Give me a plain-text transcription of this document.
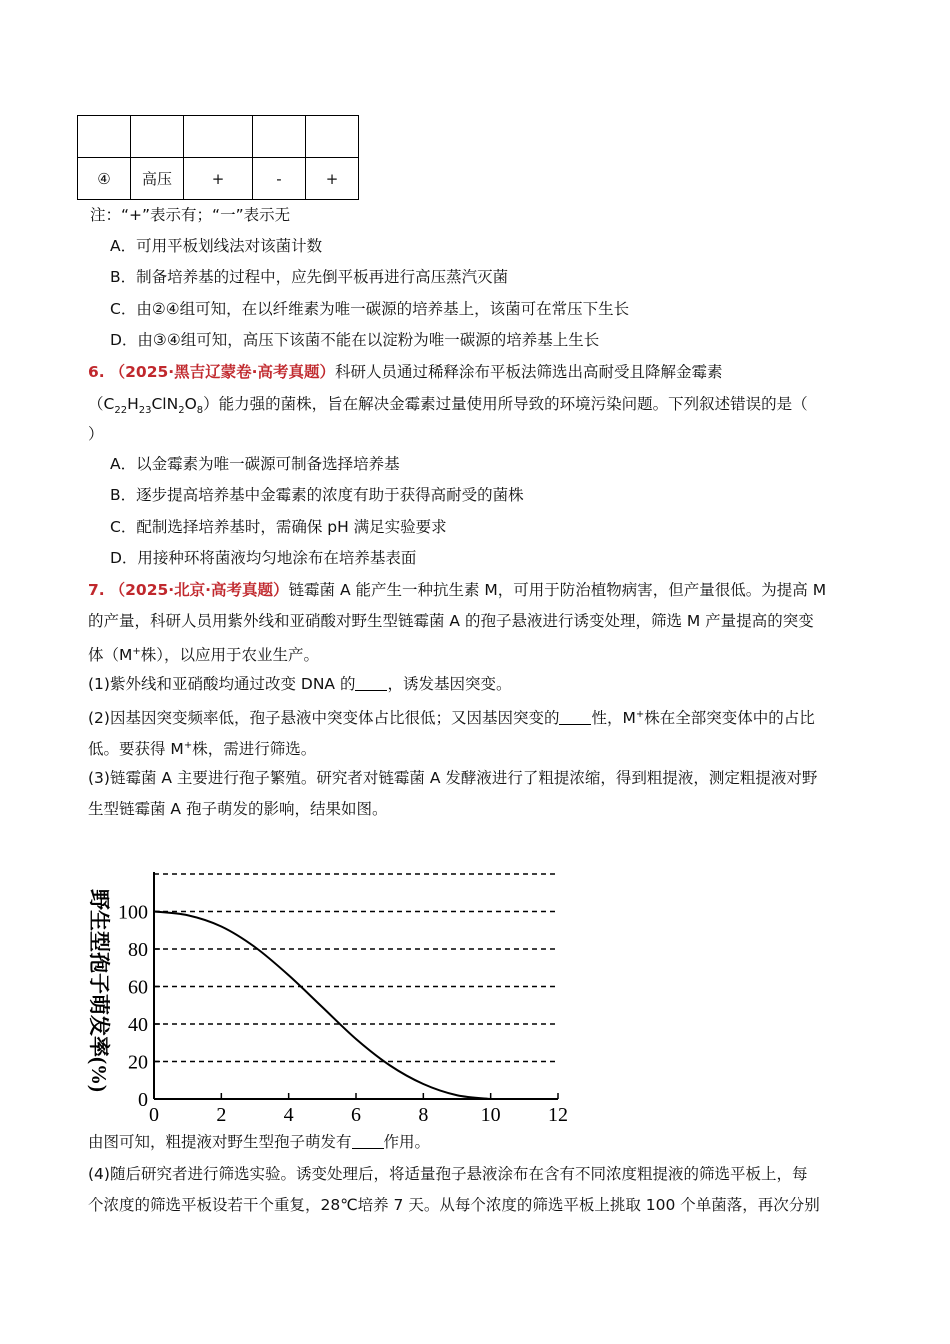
④	高压	+	-	+
注：“+”表示有；“一”表示无
A．可用平板划线法对该菌计数
B．制备培养基的过程中，应先倒平板再进行高压蒸汽灭菌
C．由②④组可知，在以纤维素为唯一碳源的培养基上，该菌可在常压下生长
D．由③④组可知，高压下该菌不能在以淀粉为唯一碳源的培养基上生长
6. （2025·黑吉辽蒙卷·高考真题）科研人员通过稀释涂布平板法筛选出高耐受且降解金霉素
$(C_{22}H_{23}ClN_2O_8)$能力强的菌株，旨在解决金霉素过量使用所导致的环境污染问题。下列叙述错误的是（
）
A．以金霉素为唯一碳源可制备选择培养基
B．逐步提高培养基中金霉素的浓度有助于获得高耐受的菌株
C．配制选择培养基时，需确保 pH 满足实验要求
D．用接种环将菌液均匀地涂布在培养基表面
7. （2025·北京·高考真题）链霉菌 A 能产生一种抗生素 M，可用于防治植物病害，但产量很低。为提高 M
的产量，科研人员用紫外线和亚硝酸对野生型链霉菌 A 的孢子悬液进行诱变处理，筛选 M 产量提高的突变
体（M+株），以应用于农业生产。
(1)紫外线和亚硝酸均通过改变 DNA 的 ，诱发基因突变。
(2)因基因突变频率低，孢子悬液中突变体占比很低；又因基因突变的 性，M+株在全部突变体中的占比
低。要获得 M+株，需进行筛选。
(3)链霉菌 A 主要进行孢子繁殖。研究者对链霉菌 A 发酵液进行了粗提浓缩，得到粗提液，测定粗提液对野
生型链霉菌 A 孢子萌发的影响，结果如图。
0	2	4	6	8	10 12
0
20
40
60
80
100
野生型孢子萌发率(%)
由图可知，粗提液对野生型孢子萌发有 作用。
(4)随后研究者进行筛选实验。诱变处理后，将适量孢子悬液涂布在含有不同浓度粗提液的筛选平板上，每
个浓度的筛选平板设若干个重复，28℃培养 7 天。从每个浓度的筛选平板上挑取 100 个单菌落，再次分别
